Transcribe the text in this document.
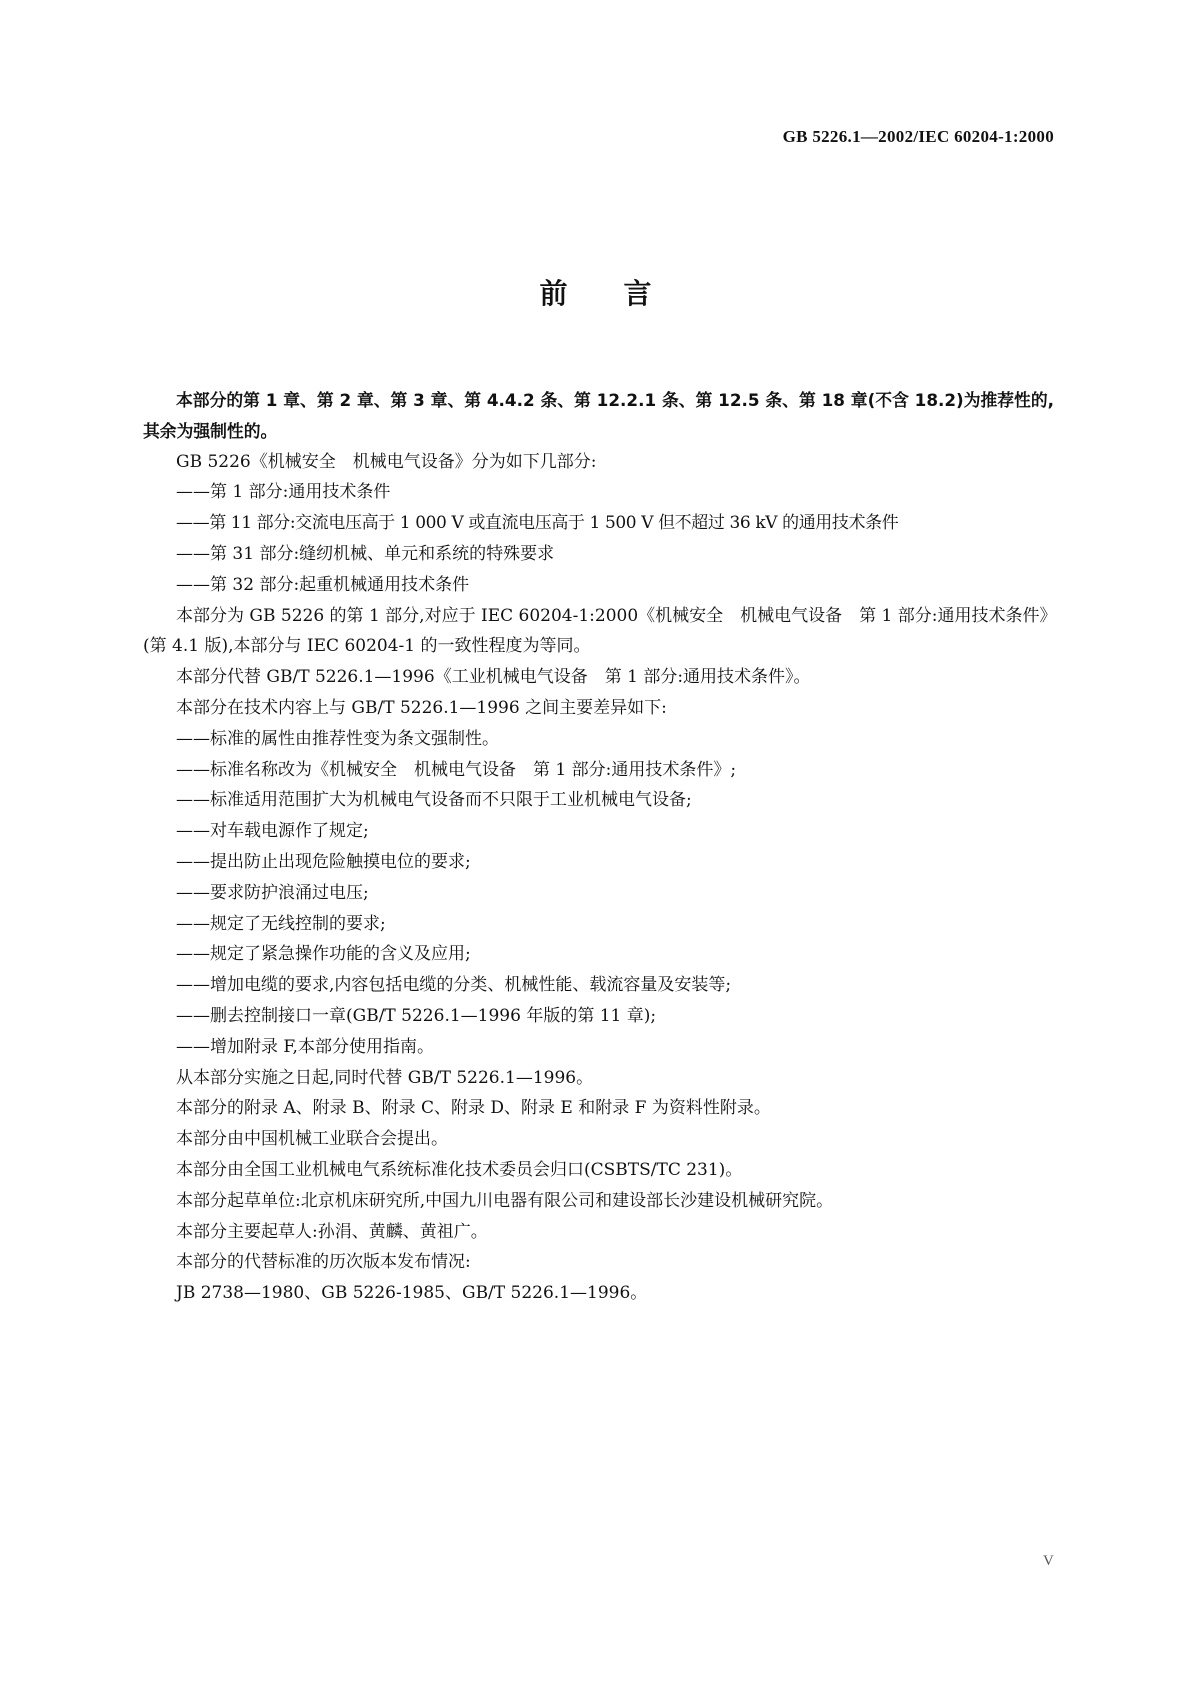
GB 5226.1—2002/IEC 60204-1:2000
前言

本部分的第 1 章、第 2 章、第 3 章、第 4.4.2 条、第 12.2.1 条、第 12.5 条、第 18 章(不含 18.2)为推荐性的,其余为强制性的。

GB 5226《机械安全　机械电气设备》分为如下几部分:

——第 1 部分:通用技术条件

——第 11 部分:交流电压高于 1 000 V 或直流电压高于 1 500 V 但不超过 36 kV 的通用技术条件

——第 31 部分:缝纫机械、单元和系统的特殊要求

——第 32 部分:起重机械通用技术条件

本部分为 GB 5226 的第 1 部分,对应于 IEC 60204-1:2000《机械安全　机械电气设备　第 1 部分:通用技术条件》(第 4.1 版),本部分与 IEC 60204-1 的一致性程度为等同。

本部分代替 GB/T 5226.1—1996《工业机械电气设备　第 1 部分:通用技术条件》。

本部分在技术内容上与 GB/T 5226.1—1996 之间主要差异如下:

——标准的属性由推荐性变为条文强制性。

——标准名称改为《机械安全　机械电气设备　第 1 部分:通用技术条件》;

——标准适用范围扩大为机械电气设备而不只限于工业机械电气设备;

——对车载电源作了规定;

——提出防止出现危险触摸电位的要求;

——要求防护浪涌过电压;

——规定了无线控制的要求;

——规定了紧急操作功能的含义及应用;

——增加电缆的要求,内容包括电缆的分类、机械性能、载流容量及安装等;

——删去控制接口一章(GB/T 5226.1—1996 年版的第 11 章);

——增加附录 F,本部分使用指南。

从本部分实施之日起,同时代替 GB/T 5226.1—1996。

本部分的附录 A、附录 B、附录 C、附录 D、附录 E 和附录 F 为资料性附录。

本部分由中国机械工业联合会提出。

本部分由全国工业机械电气系统标准化技术委员会归口(CSBTS/TC 231)。

本部分起草单位:北京机床研究所,中国九川电器有限公司和建设部长沙建设机械研究院。

本部分主要起草人:孙涓、黄麟、黄祖广。

本部分的代替标准的历次版本发布情况:

JB 2738—1980、GB 5226-1985、GB/T 5226.1—1996。

V
